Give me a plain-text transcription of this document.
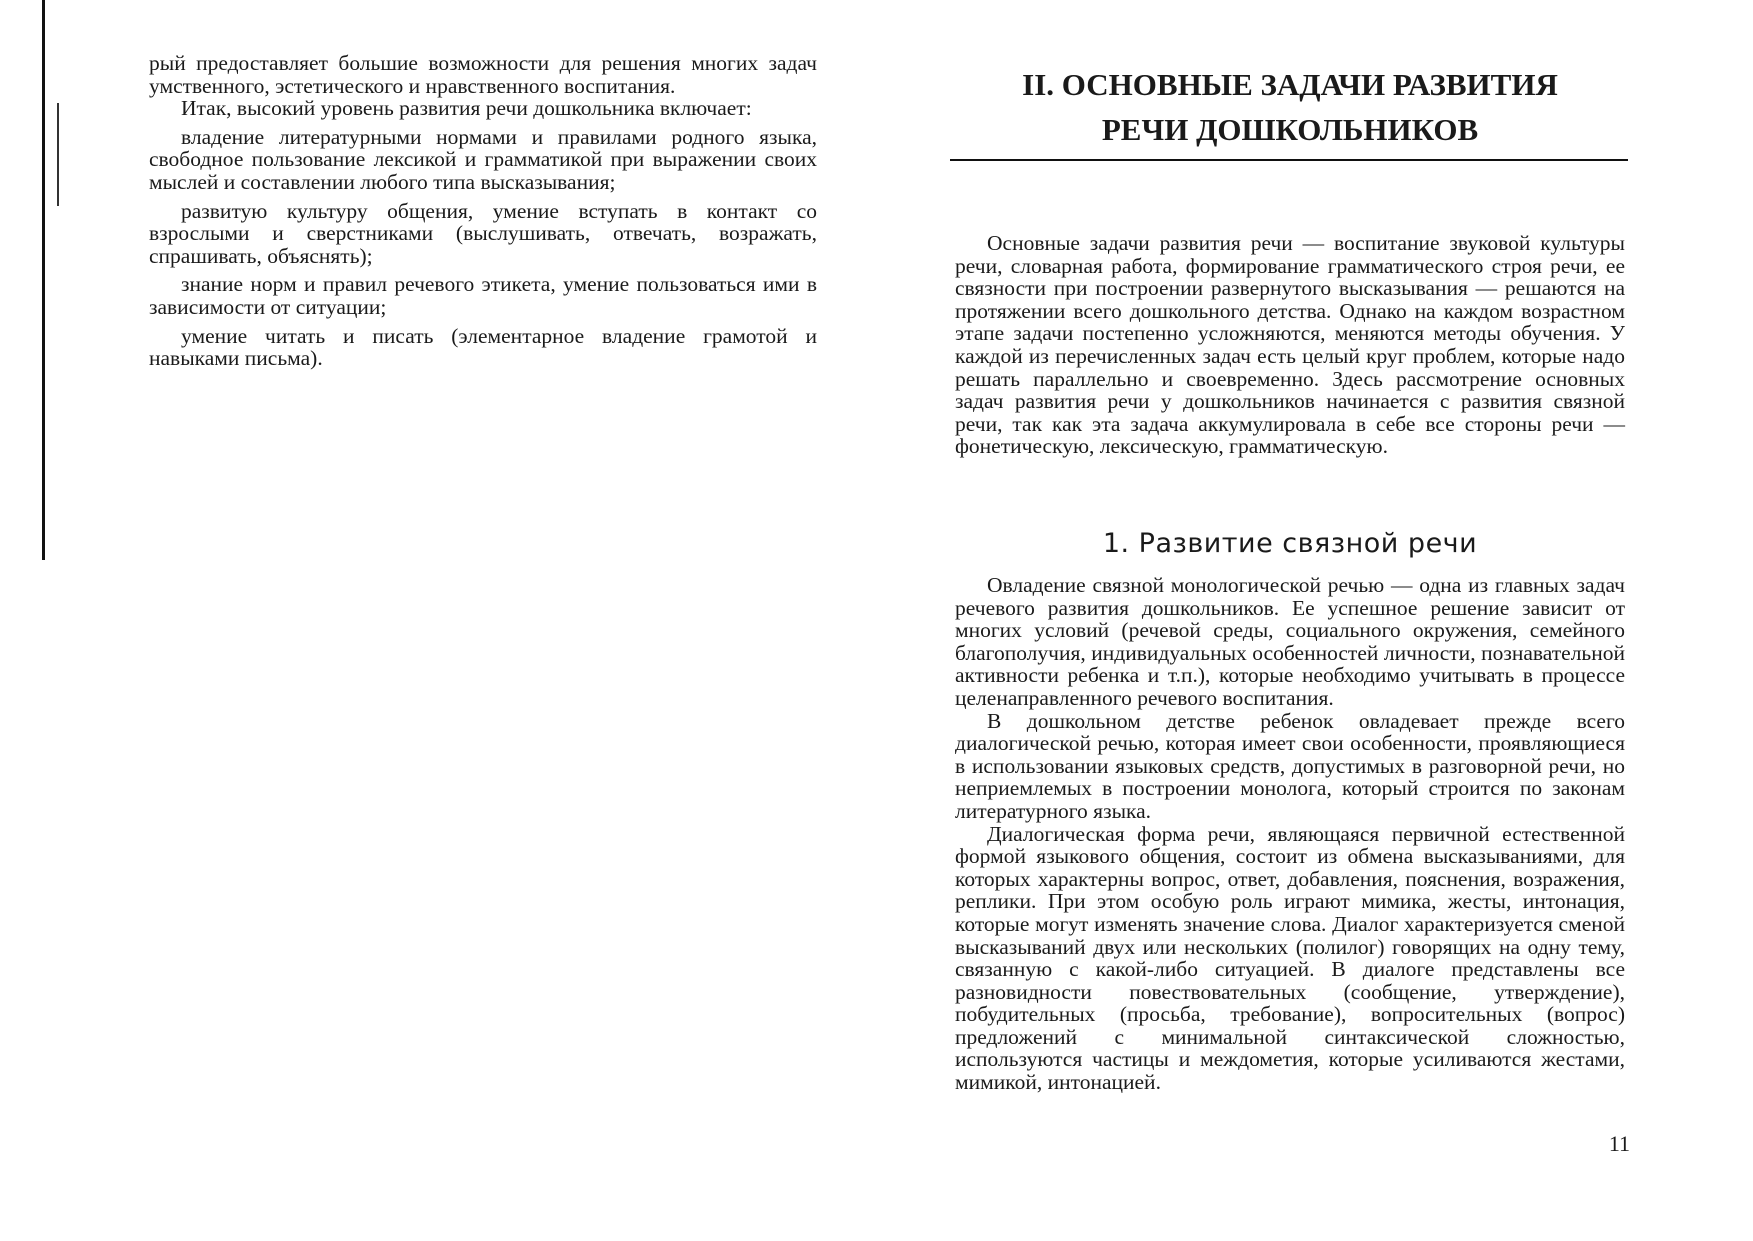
рый предоставляет большие возможности для решения многих задач умственного, эстетического и нравственного воспитания.

Итак, высокий уровень развития речи дошкольника включает:

владение литературными нормами и правилами родного языка, свободное пользование лексикой и грамматикой при выражении своих мыслей и составлении любого типа высказывания;

развитую культуру общения, умение вступать в контакт со взрослыми и сверстниками (выслушивать, отвечать, возражать, спрашивать, объяснять);

знание норм и правил речевого этикета, умение пользоваться ими в зависимости от ситуации;

умение читать и писать (элементарное владение грамотой и навыками письма).

II. ОСНОВНЫЕ ЗАДАЧИ РАЗВИТИЯ
РЕЧИ ДОШКОЛЬНИКОВ

Основные задачи развития речи — воспитание звуковой культуры речи, словарная работа, формирование грамматического строя речи, ее связности при построении развернутого высказывания — решаются на протяжении всего дошкольного детства. Однако на каждом возрастном этапе задачи постепенно усложняются, меняются методы обучения. У каждой из перечисленных задач есть целый круг проблем, которые надо решать параллельно и своевременно. Здесь рассмотрение основных задач развития речи у дошкольников начинается с развития связной речи, так как эта задача аккумулировала в себе все стороны речи — фонетическую, лексическую, грамматическую.

1. Развитие связной речи

Овладение связной монологической речью — одна из главных задач речевого развития дошкольников. Ее успешное решение зависит от многих условий (речевой среды, социального окружения, семейного благополучия, индивидуальных особенностей личности, познавательной активности ребенка и т.п.), которые необходимо учитывать в процессе целенаправленного речевого воспитания.

В дошкольном детстве ребенок овладевает прежде всего диалогической речью, которая имеет свои особенности, проявляющиеся в использовании языковых средств, допустимых в разговорной речи, но неприемлемых в построении монолога, который строится по законам литературного языка.

Диалогическая форма речи, являющаяся первичной естественной формой языкового общения, состоит из обмена высказываниями, для которых характерны вопрос, ответ, добавления, пояснения, возражения, реплики. При этом особую роль играют мимика, жесты, интонация, которые могут изменять значение слова. Диалог характеризуется сменой высказываний двух или нескольких (полилог) говорящих на одну тему, связанную с какой-либо ситуацией. В диалоге представлены все разновидности повествовательных (сообщение, утверждение), побудительных (просьба, требование), вопросительных (вопрос) предложений с минимальной синтаксической сложностью, используются частицы и междометия, которые усиливаются жестами, мимикой, интонацией.

11
